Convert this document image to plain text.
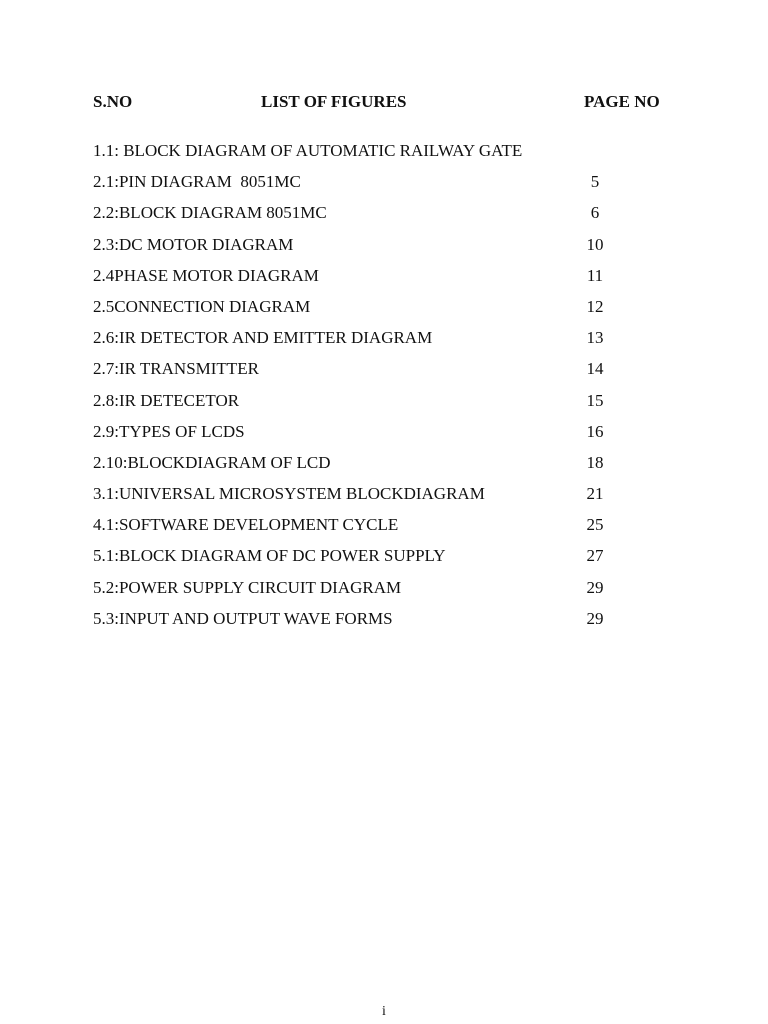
S.NO	LIST OF FIGURES	PAGE NO
1.1: BLOCK DIAGRAM OF AUTOMATIC RAILWAY GATE
2.1:PIN DIAGRAM  8051MC	5
2.2:BLOCK DIAGRAM 8051MC	6
2.3:DC MOTOR DIAGRAM	10
2.4PHASE MOTOR DIAGRAM	11
2.5CONNECTION DIAGRAM	12
2.6:IR DETECTOR AND EMITTER DIAGRAM	13
2.7:IR TRANSMITTER	14
2.8:IR DETECETOR	15
2.9:TYPES OF LCDS	16
2.10:BLOCKDIAGRAM OF LCD	18
3.1:UNIVERSAL MICROSYSTEM BLOCKDIAGRAM	21
4.1:SOFTWARE DEVELOPMENT CYCLE	25
5.1:BLOCK DIAGRAM OF DC POWER SUPPLY	27
5.2:POWER SUPPLY CIRCUIT DIAGRAM	29
5.3:INPUT AND OUTPUT WAVE FORMS	29
i
